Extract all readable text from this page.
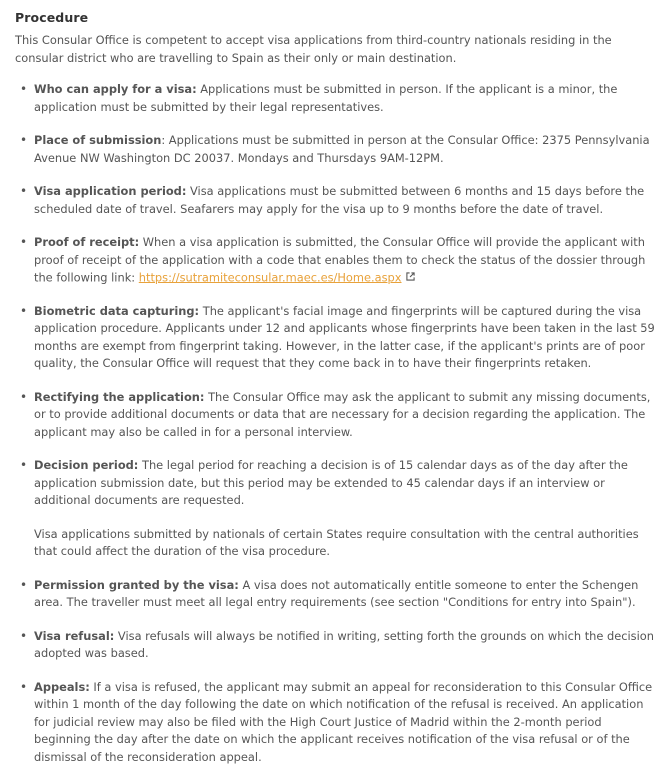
Procedure

This Consular Office is competent to accept visa applications from third-country nationals residing in the consular district who are travelling to Spain as their only or main destination.

• Who can apply for a visa: Applications must be submitted in person. If the applicant is a minor, the application must be submitted by their legal representatives.
• Place of submission: Applications must be submitted in person at the Consular Office: 2375 Pennsylvania Avenue NW Washington DC 20037. Mondays and Thursdays 9AM-12PM.
• Visa application period: Visa applications must be submitted between 6 months and 15 days before the scheduled date of travel. Seafarers may apply for the visa up to 9 months before the date of travel.
• Proof of receipt: When a visa application is submitted, the Consular Office will provide the applicant with proof of receipt of the application with a code that enables them to check the status of the dossier through the following link: https://sutramiteconsular.maec.es/Home.aspx
• Biometric data capturing: The applicant's facial image and fingerprints will be captured during the visa application procedure. Applicants under 12 and applicants whose fingerprints have been taken in the last 59 months are exempt from fingerprint taking. However, in the latter case, if the applicant's prints are of poor quality, the Consular Office will request that they come back in to have their fingerprints retaken.
• Rectifying the application: The Consular Office may ask the applicant to submit any missing documents, or to provide additional documents or data that are necessary for a decision regarding the application. The applicant may also be called in for a personal interview.
• Decision period: The legal period for reaching a decision is of 15 calendar days as of the day after the application submission date, but this period may be extended to 45 calendar days if an interview or additional documents are requested.
Visa applications submitted by nationals of certain States require consultation with the central authorities that could affect the duration of the visa procedure.
• Permission granted by the visa: A visa does not automatically entitle someone to enter the Schengen area. The traveller must meet all legal entry requirements (see section "Conditions for entry into Spain").
• Visa refusal: Visa refusals will always be notified in writing, setting forth the grounds on which the decision adopted was based.
• Appeals: If a visa is refused, the applicant may submit an appeal for reconsideration to this Consular Office within 1 month of the day following the date on which notification of the refusal is received. An application for judicial review may also be filed with the High Court Justice of Madrid within the 2-month period beginning the day after the date on which the applicant receives notification of the visa refusal or of the dismissal of the reconsideration appeal.
